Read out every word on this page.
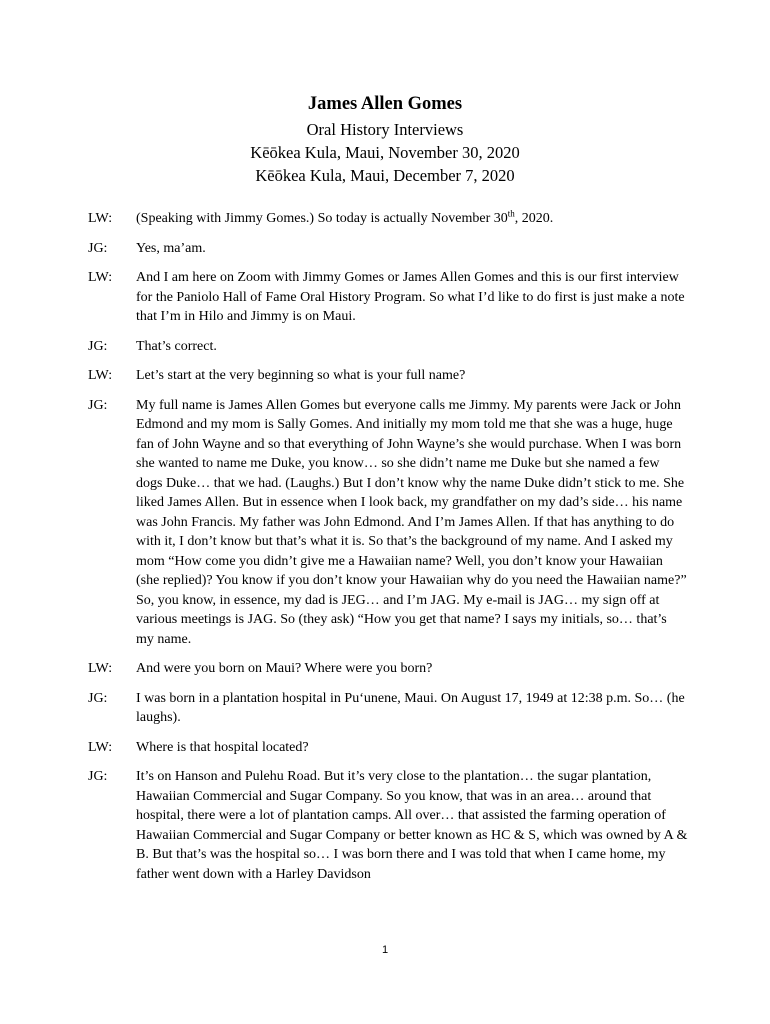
James Allen Gomes
Oral History Interviews
Kēōkea Kula, Maui, November 30, 2020
Kēōkea Kula, Maui, December 7, 2020
LW:	(Speaking with Jimmy Gomes.) So today is actually November 30th, 2020.
JG:	Yes, ma’am.
LW:	And I am here on Zoom with Jimmy Gomes or James Allen Gomes and this is our first interview for the Paniolo Hall of Fame Oral History Program. So what I’d like to do first is just make a note that I’m in Hilo and Jimmy is on Maui.
JG:	That’s correct.
LW:	Let’s start at the very beginning so what is your full name?
JG:	My full name is James Allen Gomes but everyone calls me Jimmy. My parents were Jack or John Edmond and my mom is Sally Gomes. And initially my mom told me that she was a huge, huge fan of John Wayne and so that everything of John Wayne’s she would purchase. When I was born she wanted to name me Duke, you know… so she didn’t name me Duke but she named a few dogs Duke… that we had. (Laughs.) But I don’t know why the name Duke didn’t stick to me. She liked James Allen. But in essence when I look back, my grandfather on my dad’s side… his name was John Francis. My father was John Edmond. And I’m James Allen. If that has anything to do with it, I don’t know but that’s what it is. So that’s the background of my name. And I asked my mom “How come you didn’t give me a Hawaiian name? Well, you don’t know your Hawaiian (she replied)? You know if you don’t know your Hawaiian why do you need the Hawaiian name?” So, you know, in essence, my dad is JEG… and I’m JAG. My e-mail is JAG… my sign off at various meetings is JAG. So (they ask) “How you get that name? I says my initials, so… that’s my name.
LW:	And were you born on Maui? Where were you born?
JG:	I was born in a plantation hospital in Pu‘unene, Maui. On August 17, 1949 at 12:38 p.m. So… (he laughs).
LW:	Where is that hospital located?
JG:	It’s on Hanson and Pulehu Road. But it’s very close to the plantation… the sugar plantation, Hawaiian Commercial and Sugar Company. So you know, that was in an area… around that hospital, there were a lot of plantation camps. All over… that assisted the farming operation of Hawaiian Commercial and Sugar Company or better known as HC & S, which was owned by A & B. But that’s was the hospital so… I was born there and I was told that when I came home, my father went down with a Harley Davidson
1
